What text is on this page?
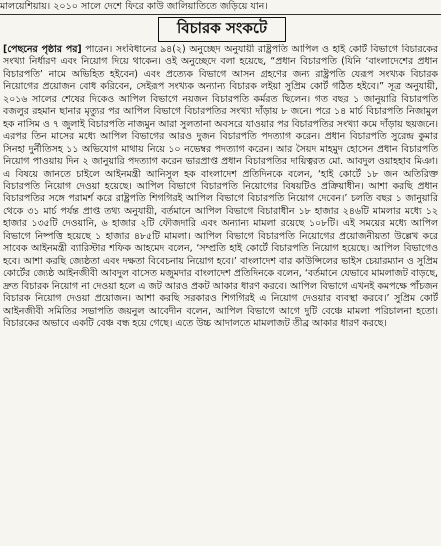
মালয়েশিয়ায়। ২০১০ সালে দেশে ফিরে কাউ জালিয়াতিতে জড়িয়ে যান।
বিচারক সংকটে

[পেছনের পৃষ্ঠার পর] পারেন। সংবিধানের ৯৪(২) অনুচ্ছেদ অনুযায়ী রাষ্ট্রপতি আপিল ও হাই কোর্ট বিভাগে বিচারকের সংখ্যা নির্ধারণ এবং নিয়োগ দিয়ে থাকেন। ওই অনুচ্ছেদে বলা হয়েছে, “প্রধান বিচারপতি (যিনি ‘বাংলাদেশের প্রধান বিচারপতি’ নামে অভিহিত হইবেন) এবং প্রত্যেক বিভাগে আসন গ্রহণের জন্য রাষ্ট্রপতি যেরূপ সংখ্যক বিচারক নিয়োগের প্রয়োজন বোধ করিবেন, সেইরূপ সংখ্যক অন্যান্য বিচারক লইয়া সুপ্রিম কোর্ট গঠিত হইবে।” সূত্র অনুযায়ী, ২০১৬ সালের শেষের দিকেও আপিল বিভাগে নয়জন বিচারপতি কর্মরত ছিলেন। গত বছর ১ জানুয়ারি বিচারপতি বজলুর রহমান ছানার মৃত্যুর পর আপিল বিভাগে বিচারপতির সংখ্যা দাঁড়ায় ৮ জনে। পরে ১৪ মার্চ বিচারপতি নিজামুল হক নাসিম ও ৭ জুলাই বিচারপতি নাজমুন আরা সুলতানা অবসরে যাওয়ার পর বিচারপতির সংখ্যা কমে দাঁড়ায় ছয়জনে। এরপর তিন মাসের মধ্যে আপিল বিভাগের আরও দুজন বিচারপতি পদত্যাগ করেন। প্রধান বিচারপতি সুরেন্দ্র কুমার সিনহা দুর্নীতিসহ ১১ অভিযোগ মাথায় নিয়ে ১০ নভেম্বর পদত্যাগ করেন। আর সৈয়দ মাহমুদ হোসেন প্রধান বিচারপতি নিয়োগ পাওয়ায় দিন ২ জানুয়ারি পদত্যাগ করেন ভারপ্রাপ্ত প্রধান বিচারপতির দায়িত্বরত মো. আবদুল ওয়াহহাব মিঞা। এ বিষয়ে জানতে চাইলে আইনমন্ত্রী আনিসুল হক বাংলাদেশ প্রতিদিনকে বলেন, ‘হাই কোর্টে ১৮ জন অতিরিক্ত বিচারপতি নিয়োগ দেওয়া হয়েছে। আপিল বিভাগে বিচারপতি নিয়োগের বিষয়টিও প্রক্রিয়াধীন। আশা করছি প্রধান বিচারপতির সঙ্গে পরামর্শ করে রাষ্ট্রপতি শিগগিরই আপিল বিভাগে বিচারপতি নিয়োগ দেবেন।’ চলতি বছর ১ জানুয়ারি থেকে ৩১ মার্চ পর্যন্ত প্রাপ্ত তথ্য অনুযায়ী, বর্তমানে আপিল বিভাগে বিচারাধীন ১৮ হাজার ২৪৬টি মামলার মধ্যে ১২ হাজার ১৩৫টি দেওয়ানি, ৬ হাজার ২টি ফৌজদারি এবং অন্যান্য মামলা রয়েছে ১০৮টি। এই সময়ের মধ্যে আপিল বিভাগে নিষ্পত্তি হয়েছে ১ হাজার ৪৮৫টি মামলা। আপিল বিভাগে বিচারপতি নিয়োগের প্রয়োজনীয়তা উল্লেখ করে সাবেক আইনমন্ত্রী ব্যারিস্টার শফিক আহমেদ বলেন, ‘সম্প্রতি হাই কোর্টে বিচারপতি নিয়োগ হয়েছে। আপিল বিভাগেও হবে। আশা করছি জ্যেষ্ঠতা এবং দক্ষতা বিবেচনায় নিয়োগ হবে।’ বাংলাদেশ বার কাউন্সিলের ভাইস চেয়ারম্যান ও সুপ্রিম কোর্টের জ্যেষ্ঠ আইনজীবী আবদুল বাসেত মজুমদার বাংলাদেশ প্রতিদিনকে বলেন, ‘বর্তমানে যেভাবে মামলাজট বাড়ছে, দ্রুত বিচারক নিয়োগ না দেওয়া হলে এ জট আরও প্রকট আকার ধারণ করবে। আপিল বিভাগে এখনই কমপক্ষে পাঁচজন বিচারক নিয়োগ দেওয়া প্রয়োজন। আশা করছি সরকারও শিগগিরই এ নিয়োগ দেওয়ার ব্যবস্থা করবে।’ সুপ্রিম কোর্ট আইনজীবী সমিতির সভাপতি জয়নুল আবেদীন বলেন, আপিল বিভাগে আগে দুটি বেঞ্চে মামলা পরিচালনা হতো। বিচারকের অভাবে একটি বেঞ্চ বন্ধ হয়ে গেছে। এতে উচ্চ আদালতে মামলাজট তীব্র আকার ধারণ করছে।
